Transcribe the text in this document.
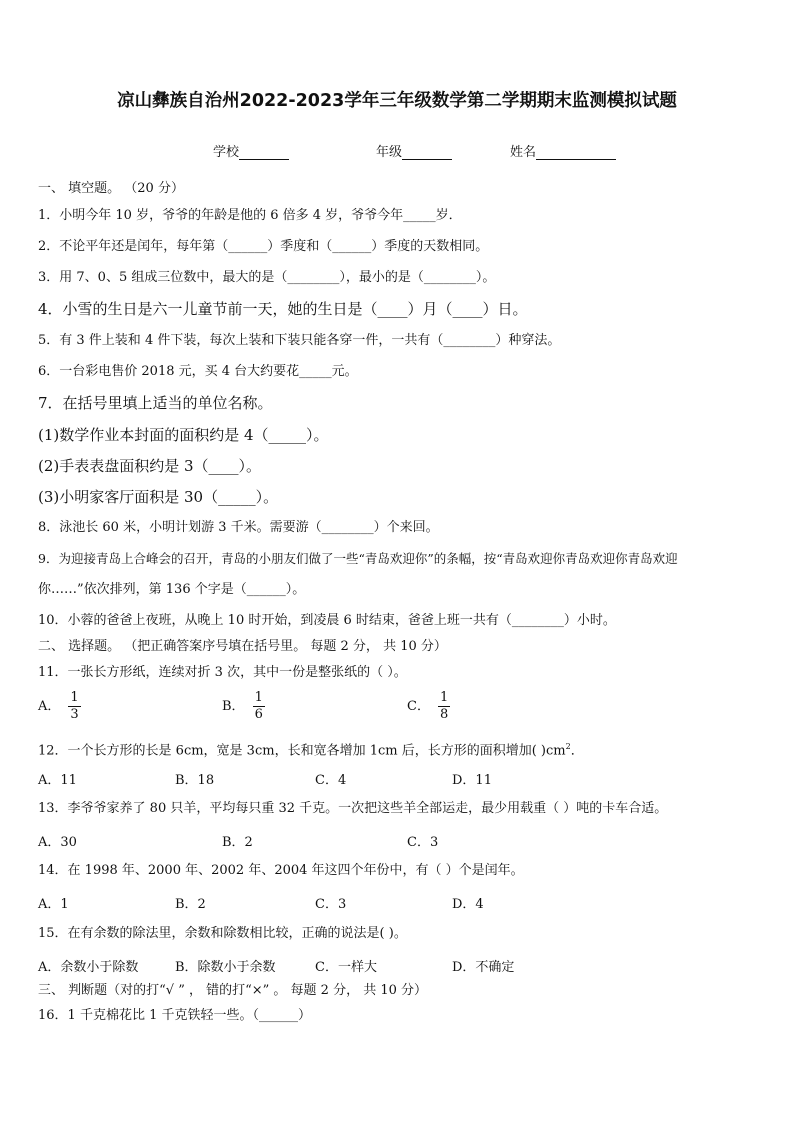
凉山彝族自治州2022-2023学年三年级数学第二学期期末监测模拟试题
学校	年级	姓名
一、 填空题。 （20 分）
1．小明今年 10 岁，爷爷的年龄是他的 6 倍多 4 岁，爷爷今年_____岁．
2．不论平年还是闰年，每年第（______）季度和（______）季度的天数相同。
3．用 7、0、5 组成三位数中，最大的是（________），最小的是（________）。
4．小雪的生日是六一儿童节前一天，她的生日是（____）月（____）日。
5．有 3 件上装和 4 件下装，每次上装和下装只能各穿一件，一共有（________）种穿法。
6．一台彩电售价 2018 元，买 4 台大约要花_____元。
7．在括号里填上适当的单位名称。
(1)数学作业本封面的面积约是 4（_____）。
(2)手表表盘面积约是 3（____）。
(3)小明家客厅面积是 30（_____）。
8．泳池长 60 米，小明计划游 3 千米。需要游（________）个来回。
9．为迎接青岛上合峰会的召开，青岛的小朋友们做了一些“青岛欢迎你”的条幅，按“青岛欢迎你青岛欢迎你青岛欢迎
你……”依次排列，第 136 个字是（______）。
10．小蓉的爸爸上夜班，从晚上 10 时开始，到凌晨 6 时结束，爸爸上班一共有（________）小时。
二、 选择题。 （把正确答案序号填在括号里。 每题 2 分， 共 10 分）
11．一张长方形纸，连续对折 3 次，其中一份是整张纸的（ ）。
A． $\frac{1}{3}$	B． $\frac{1}{6}$	C． $\frac{1}{8}$
12．一个长方形的长是 6cm，宽是 3cm，长和宽各增加 1cm 后，长方形的面积增加( )$cm^2$．
A．11	B．18	C．4	D．11
13．李爷爷家养了 80 只羊，平均每只重 32 千克。一次把这些羊全部运走，最少用载重（ ）吨的卡车合适。
A．30	B．2	C．3
14．在 1998 年、2000 年、2002 年、2004 年这四个年份中，有（ ）个是闰年。
A．1	B．2	C．3	D．4
15．在有余数的除法里，余数和除数相比较，正确的说法是( )。
A．余数小于除数	B．除数小于余数	C．一样大	D．不确定
三、 判断题（对的打“√ ” ， 错的打“×” 。 每题 2 分， 共 10 分）
16．1 千克棉花比 1 千克铁轻一些。（______）
